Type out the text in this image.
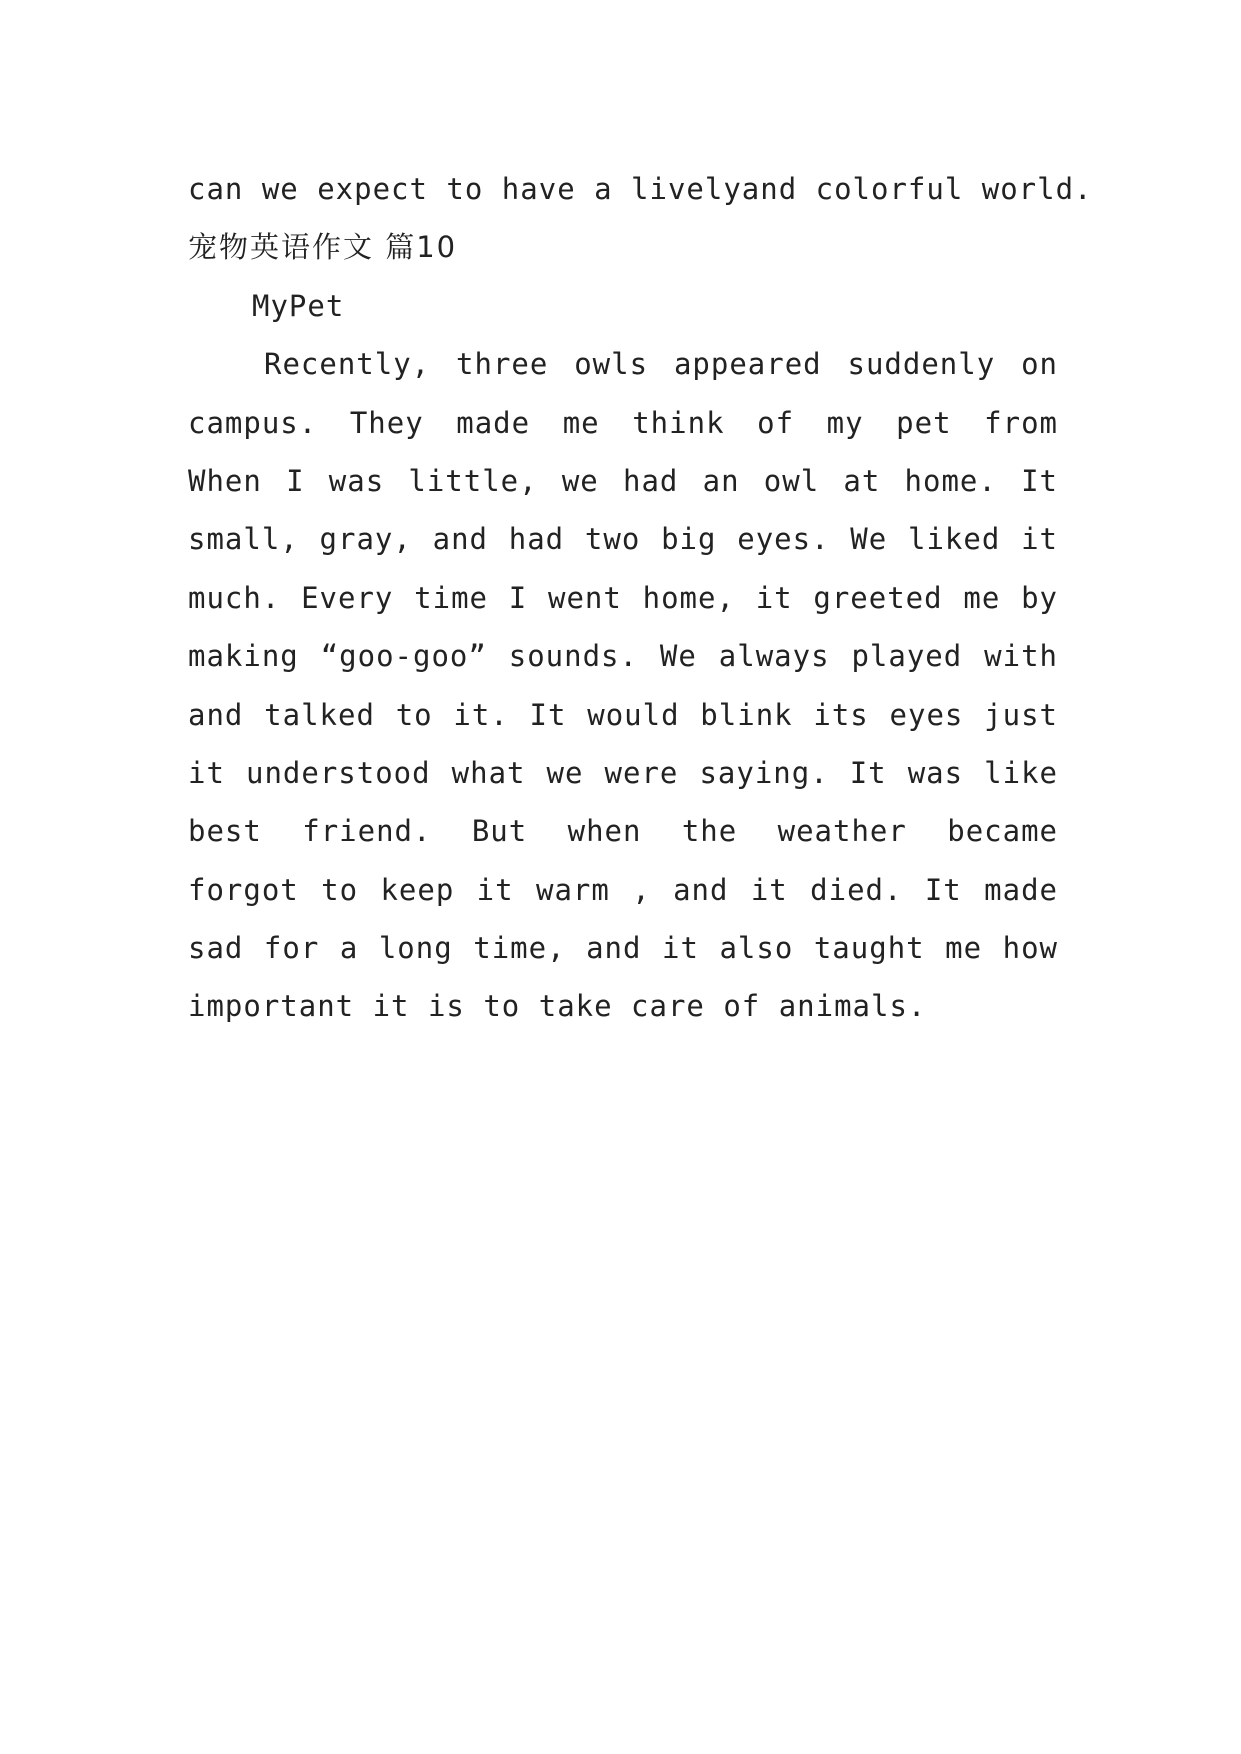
can we expect to have a livelyand colorful world.
宠物英语作文 篇10
MyPet
Recently, three owls appeared suddenly on
campus. They made me think of my pet from
When I was little, we had an owl at home. It
small, gray, and had two big eyes. We liked it
much. Every time I went home, it greeted me by
making “goo-goo” sounds. We always played with
and talked to it. It would blink its eyes just
it understood what we were saying. It was like
best friend. But when the weather became
forgot to keep it warm , and it died. It made
sad for a long time, and it also taught me how
important it is to take care of animals.
